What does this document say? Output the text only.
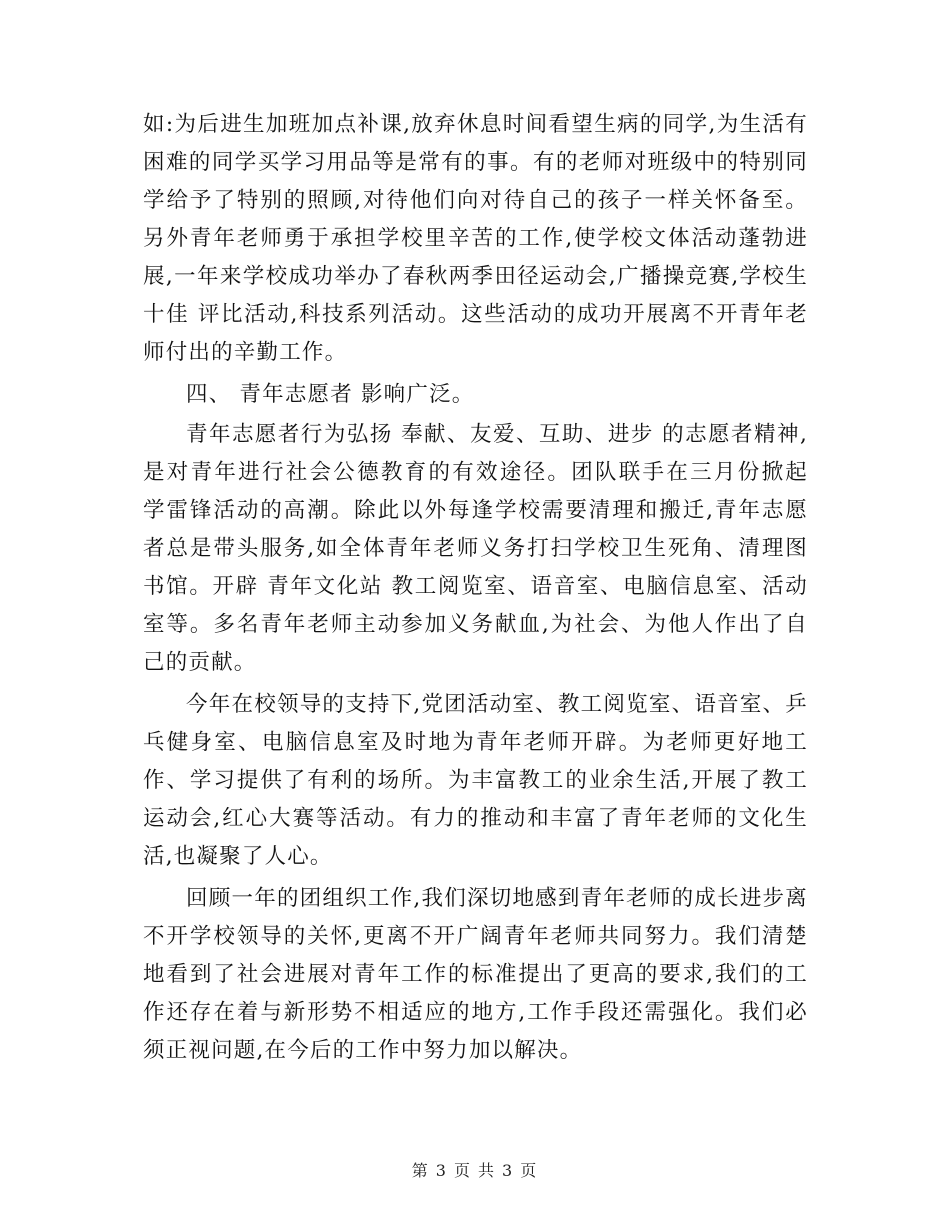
如:为后进生加班加点补课,放弃休息时间看望生病的同学,为生活有困难的同学买学习用品等是常有的事。有的老师对班级中的特别同学给予了特别的照顾,对待他们向对待自己的孩子一样关怀备至。另外青年老师勇于承担学校里辛苦的工作,使学校文体活动蓬勃进展,一年来学校成功举办了春秋两季田径运动会,广播操竞赛,学校生 十佳 评比活动,科技系列活动。这些活动的成功开展离不开青年老师付出的辛勤工作。

四、 青年志愿者 影响广泛。

青年志愿者行为弘扬 奉献、友爱、互助、进步 的志愿者精神,是对青年进行社会公德教育的有效途径。团队联手在三月份掀起 学雷锋活动的高潮。除此以外每逢学校需要清理和搬迁,青年志愿者总是带头服务,如全体青年老师义务打扫学校卫生死角、清理图书馆。开辟 青年文化站 教工阅览室、语音室、电脑信息室、活动室等。多名青年老师主动参加义务献血,为社会、为他人作出了自己的贡献。

今年在校领导的支持下,党团活动室、教工阅览室、语音室、乒乓健身室、电脑信息室及时地为青年老师开辟。为老师更好地工作、学习提供了有利的场所。为丰富教工的业余生活,开展了教工运动会,红心大赛等活动。有力的推动和丰富了青年老师的文化生活,也凝聚了人心。

回顾一年的团组织工作,我们深切地感到青年老师的成长进步离不开学校领导的关怀,更离不开广阔青年老师共同努力。我们清楚地看到了社会进展对青年工作的标准提出了更高的要求,我们的工作还存在着与新形势不相适应的地方,工作手段还需强化。我们必须正视问题,在今后的工作中努力加以解决。

第 3 页 共 3 页
